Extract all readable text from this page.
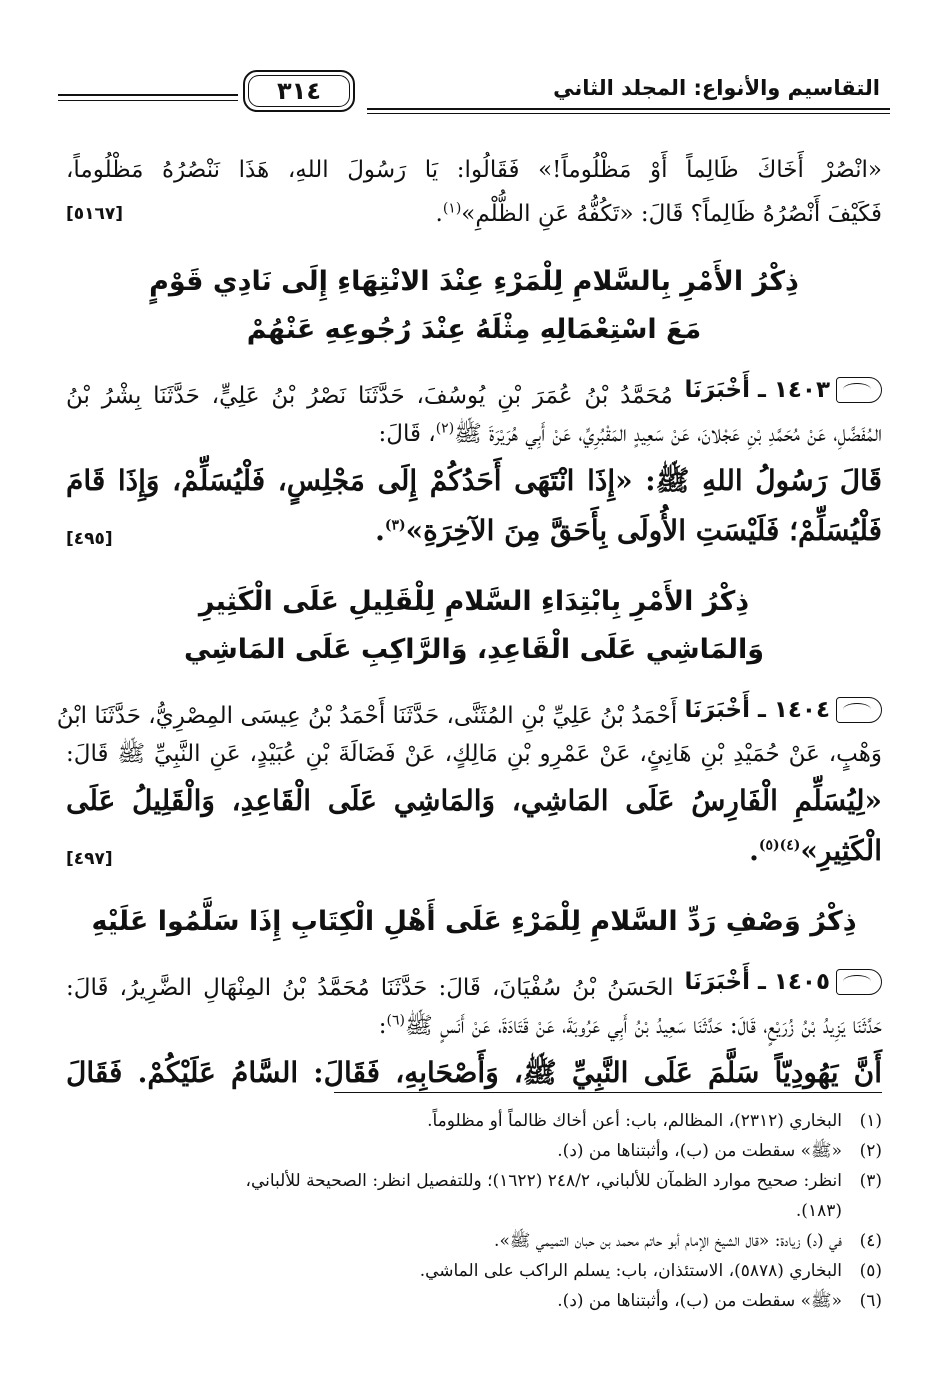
التقاسيم والأنواع: المجلد الثاني
٣١٤
«انْصُرْ أَخَاكَ ظَالِماً أَوْ مَظْلُوماً!» فَقَالُوا: يَا رَسُولَ اللهِ، هَذَا نَنْصُرُهُ مَظْلُوماً،
فَكَيْفَ أَنْصُرُهُ ظَالِماً؟ قَالَ: «تَكُفُّهُ عَنِ الظُّلْمِ»$^{(١)}$.
[٥١٦٧]
ذِكْرُ الأَمْرِ بِالسَّلامِ لِلْمَرْءِ عِنْدَ الانْتِهَاءِ إِلَى نَادِي قَوْمٍ
مَعَ اسْتِعْمَالِهِ مِثْلَهُ عِنْدَ رُجُوعِهِ عَنْهُمْ
١٤٠٣ ـ أَخْبَرَنَا
مُحَمَّدُ بْنُ عُمَرَ بْنِ يُوسُفَ، حَدَّثَنَا نَصْرُ بْنُ عَلِيٍّ، حَدَّثَنَا بِشْرُ بْنُ
المُفَضَّلِ، عَنْ مُحَمَّدِ بْنِ عَجْلانَ، عَنْ سَعِيدٍ المَقْبُرِيِّ، عَنْ أَبِي هُرَيْرَةَ ﷺ$^{(٢)}$، قَالَ:
قَالَ رَسُولُ اللهِ ﷺ: «إِذَا انْتَهَى أَحَدُكُمْ إِلَى مَجْلِسٍ، فَلْيُسَلِّمْ، وَإِذَا قَامَ
فَلْيُسَلِّمْ؛ فَلَيْسَتِ الأُولَى بِأَحَقَّ مِنَ الآخِرَةِ»$^{(٣)}$.
[٤٩٥]
ذِكْرُ الأَمْرِ بِابْتِدَاءِ السَّلامِ لِلْقَلِيلِ عَلَى الْكَثِيرِ
وَالمَاشِي عَلَى الْقَاعِدِ، وَالرَّاكِبِ عَلَى المَاشِي
١٤٠٤ ـ أَخْبَرَنَا
أَحْمَدُ بْنُ عَلِيِّ بْنِ المُثَنَّى، حَدَّثَنَا أَحْمَدُ بْنُ عِيسَى المِصْرِيُّ، حَدَّثَنَا ابْنُ
وَهْبٍ، عَنْ حُمَيْدِ بْنِ هَانِئٍ، عَنْ عَمْرِو بْنِ مَالِكٍ، عَنْ فَضَالَةَ بْنِ عُبَيْدٍ، عَنِ النَّبِيِّ ﷺ قَالَ:
«لِيُسَلِّمِ الْفَارِسُ عَلَى المَاشِي، وَالمَاشِي عَلَى الْقَاعِدِ، وَالْقَلِيلُ عَلَى
الْكَثِيرِ»$^{(٤)(٥)}$.
[٤٩٧]
ذِكْرُ وَصْفِ رَدِّ السَّلامِ لِلْمَرْءِ عَلَى أَهْلِ الْكِتَابِ إِذَا سَلَّمُوا عَلَيْهِ
١٤٠٥ ـ أَخْبَرَنَا
الحَسَنُ بْنُ سُفْيَانَ، قَالَ: حَدَّثَنَا مُحَمَّدُ بْنُ المِنْهَالِ الضَّرِيرُ، قَالَ:
حَدَّثَنَا يَزِيدُ بْنُ زُرَيْعٍ، قَالَ: حَدَّثَنَا سَعِيدُ بْنُ أَبِي عَرُوبَةَ، عَنْ قَتَادَةَ، عَنْ أَنَسٍ ﷺ$^{(٦)}$:
أَنَّ يَهُودِيّاً سَلَّمَ عَلَى النَّبِيِّ ﷺ، وَأَصْحَابِهِ، فَقَالَ: السَّامُ عَلَيْكُمْ. فَقَالَ
(١)
البخاري (٢٣١٢)، المظالم، باب: أعن أخاك ظالماً أو مظلوماً.
(٢)
«ﷺ» سقطت من (ب)، وأثبتناها من (د).
(٣)
انظر: صحيح موارد الظمآن للألباني، ٢٤٨/٢ (١٦٢٢)؛ وللتفصيل انظر: الصحيحة للألباني،
(١٨٣).
(٤)
في (د) زيادة: «قال الشيخ الإمام أبو حاتم محمد بن حبان التميمي ﷺ».
(٥)
البخاري (٥٨٧٨)، الاستئذان، باب: يسلم الراكب على الماشي.
(٦)
«ﷺ» سقطت من (ب)، وأثبتناها من (د).
